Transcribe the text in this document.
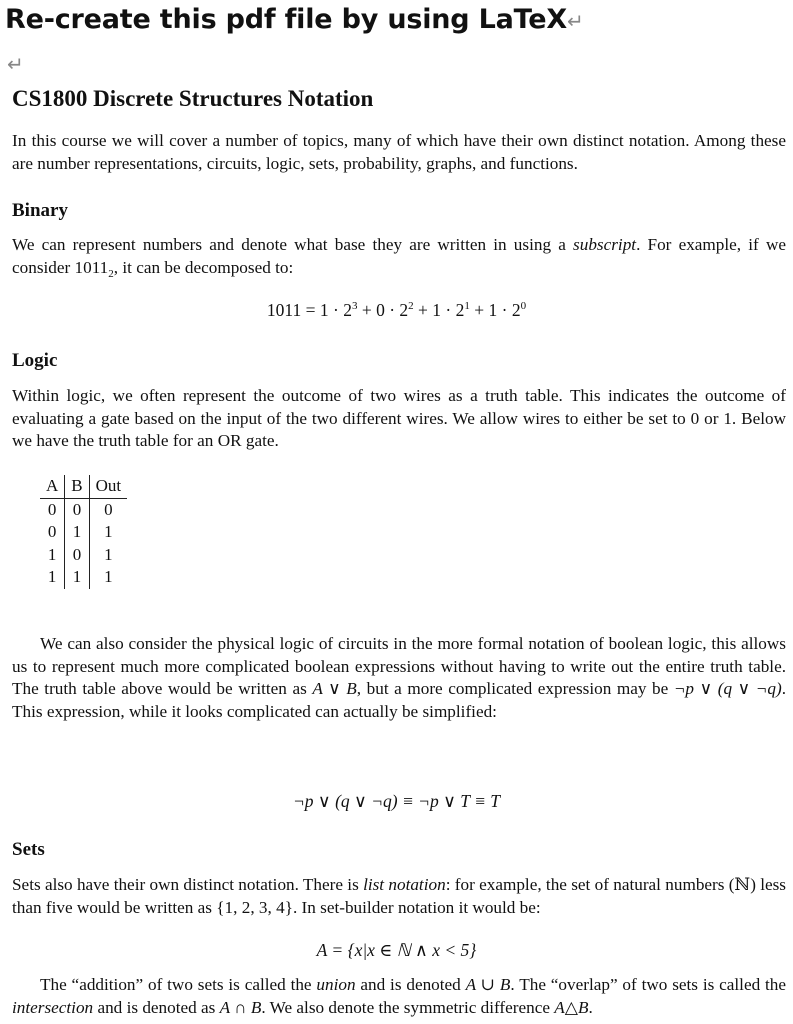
Re-create this pdf file by using LaTeX↵
↵
CS1800 Discrete Structures Notation
In this course we will cover a number of topics, many of which have their own distinct notation. Among these are number representations, circuits, logic, sets, probability, graphs, and functions.
Binary
We can represent numbers and denote what base they are written in using a subscript. For example, if we consider $1011_2$, it can be decomposed to:
$1011 = 1 \cdot 2^3 + 0 \cdot 2^2 + 1 \cdot 2^1 + 1 \cdot 2^0$
Logic
Within logic, we often represent the outcome of two wires as a truth table. This indicates the outcome of evaluating a gate based on the input of the two different wires. We allow wires to either be set to 0 or 1. Below we have the truth table for an OR gate.
A	B	Out
0	0	0
0	1	1
1	0	1
1	1	1
We can also consider the physical logic of circuits in the more formal notation of boolean logic, this allows us to represent much more complicated boolean expressions without having to write out the entire truth table. The truth table above would be written as A ∨ B, but a more complicated expression may be ¬p ∨ (q ∨ ¬q). This expression, while it looks complicated can actually be simplified:
¬p ∨ (q ∨ ¬q) ≡ ¬p ∨ T ≡ T
Sets
Sets also have their own distinct notation. There is list notation: for example, the set of natural numbers (ℕ) less than five would be written as {1, 2, 3, 4}. In set-builder notation it would be:
A = {x|x ∈ ℕ ∧ x < 5}
The “addition” of two sets is called the union and is denoted A ∪ B. The “overlap” of two sets is called the intersection and is denoted as A ∩ B. We also denote the symmetric difference A△B.
